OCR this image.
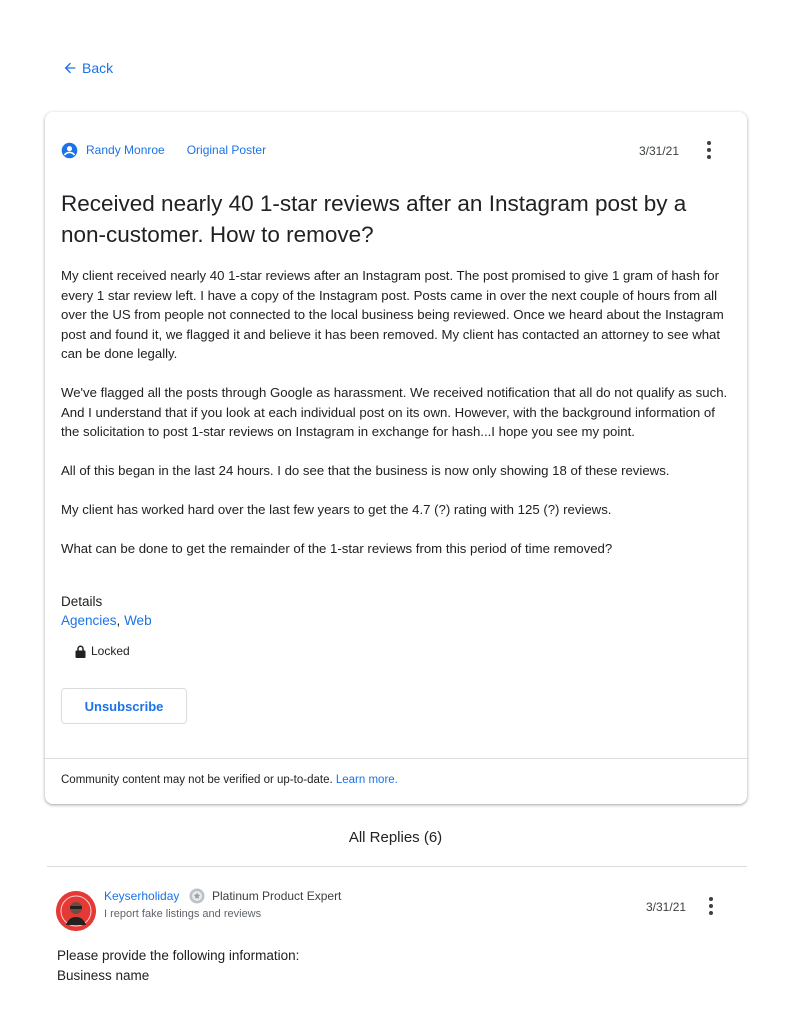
Back
Randy Monroe Original Poster	3/31/21
Received nearly 40 1-star reviews after an Instagram post by a non-customer. How to remove?

My client received nearly 40 1-star reviews after an Instagram post. The post promised to give 1 gram of hash for every 1 star review left. I have a copy of the Instagram post. Posts came in over the next couple of hours from all over the US from people not connected to the local business being reviewed. Once we heard about the Instagram post and found it, we flagged it and believe it has been removed. My client has contacted an attorney to see what can be done legally.

We've flagged all the posts through Google as harassment. We received notification that all do not qualify as such. And I understand that if you look at each individual post on its own. However, with the background information of the solicitation to post 1-star reviews on Instagram in exchange for hash...I hope you see my point.

All of this began in the last 24 hours. I do see that the business is now only showing 18 of these reviews.

My client has worked hard over the last few years to get the 4.7 (?) rating with 125 (?) reviews.

What can be done to get the remainder of the 1-star reviews from this period of time removed?

Details
Agencies, Web
Locked
Unsubscribe
Community content may not be verified or up-to-date. Learn more.
All Replies (6)
Keyserholiday	Platinum Product Expert
I report fake listings and reviews	3/31/21
Please provide the following information:
Business name
